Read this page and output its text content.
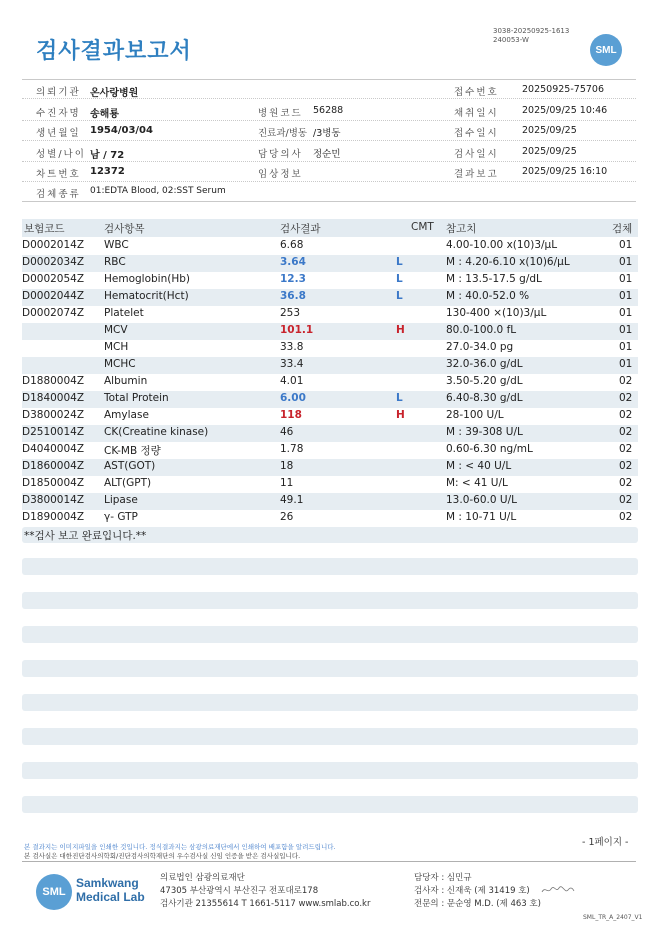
검사결과보고서
3038-20250925-1613
240053-W
SML
의뢰기관 온사랑병원	접수번호 20250925-75706
수진자명 송해룡	병원코드 56288	채취일시 2025/09/25 10:46
생년월일 1954/03/04	진료과/병동 /3병동	접수일시 2025/09/25
성별/나이 남 / 72	담당의사 정순민	검사일시 2025/09/25
차트번호 12372	임상정보	결과보고 2025/09/25 16:10
검체종류 01:EDTA Blood, 02:SST Serum
보험코드	검사항목	검사결과	CMT 참고치	검체
D0002014Z WBC	6.68	4.00-10.00 x(10)3/μL	01
D0002034Z RBC	3.64	L	M : 4.20-6.10 x(10)6/μL	01
D0002054Z Hemoglobin(Hb)	12.3	L	M : 13.5-17.5 g/dL	01
D0002044Z Hematocrit(Hct)	36.8	L	M : 40.0-52.0 %	01
D0002074Z Platelet	253	130-400 ×(10)3/μL	01
MCV	101.1	H	80.0-100.0 fL	01
MCH	33.8	27.0-34.0 pg	01
MCHC	33.4	32.0-36.0 g/dL	01
D1880004Z Albumin	4.01	3.50-5.20 g/dL	02
D1840004Z Total Protein	6.00	L	6.40-8.30 g/dL	02
D3800024Z Amylase	118	H	28-100 U/L	02
D2510014Z CK(Creatine kinase)	46	M : 39-308 U/L	02
D4040004Z CK-MB 정량	1.78	0.60-6.30 ng/mL	02
D1860004Z AST(GOT)	18	M : < 40 U/L	02
D1850004Z ALT(GPT)	11	M: < 41 U/L	02
D3800014Z Lipase	49.1	13.0-60.0 U/L	02
D1890004Z γ- GTP	26	M : 10-71 U/L	02
**검사 보고 완료입니다.**
- 1페이지 -
본 결과지는 이미지파일을 인쇄한 것입니다. 정식결과지는 삼광의료재단에서 인쇄하여 배포함을 알려드립니다.
본 검사실은 대한진단검사의학회/진단검사의학재단의 우수검사실 신임 인증을 받은 검사실입니다.
SML
Samkwang
Medical Lab
의료법인 삼광의료재단
47305 부산광역시 부산진구 전포대로178
검사기관 21355614 T 1661-5117 www.smlab.co.kr
담당자 : 심민규
검사자 : 신재욱 (제 31419 호)
전문의 : 문순영 M.D. (제 463 호)
SML_TR_A_2407_V1
